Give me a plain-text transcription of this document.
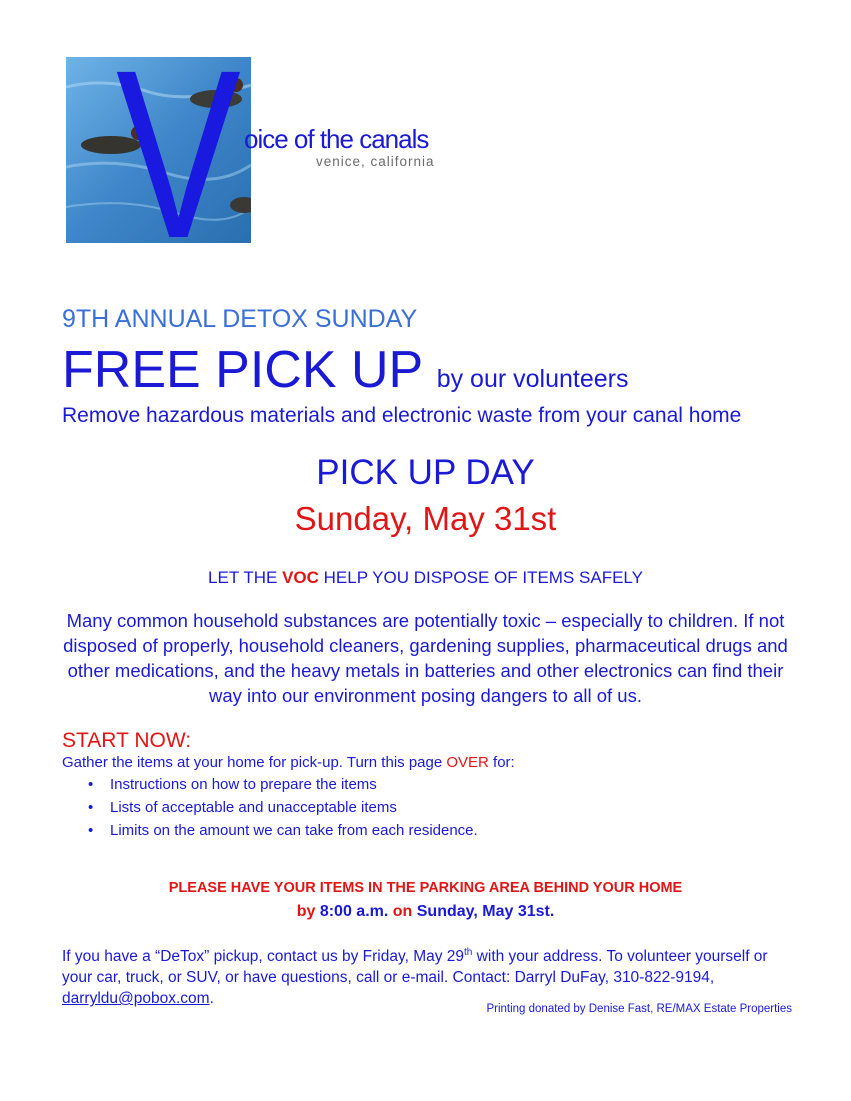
V oice of the canals
venice, california
9TH ANNUAL DETOX SUNDAY
FREE PICK UP by our volunteers
Remove hazardous materials and electronic waste from your canal home
PICK UP DAY
Sunday, May 31st
LET THE VOC HELP YOU DISPOSE OF ITEMS SAFELY
Many common household substances are potentially toxic – especially to children. If not disposed of properly, household cleaners, gardening supplies, pharmaceutical drugs and other medications, and the heavy metals in batteries and other electronics can find their way into our environment posing dangers to all of us.
START NOW:
Gather the items at your home for pick-up. Turn this page OVER for:
• Instructions on how to prepare the items
• Lists of acceptable and unacceptable items
• Limits on the amount we can take from each residence.
PLEASE HAVE YOUR ITEMS IN THE PARKING AREA BEHIND YOUR HOME
by 8:00 a.m. on Sunday, May 31st.
If you have a “DeTox” pickup, contact us by Friday, May 29th with your address. To volunteer yourself or your car, truck, or SUV, or have questions, call or e-mail. Contact: Darryl DuFay, 310-822-9194, darryldu@pobox.com.
Printing donated by Denise Fast, RE/MAX Estate Properties
